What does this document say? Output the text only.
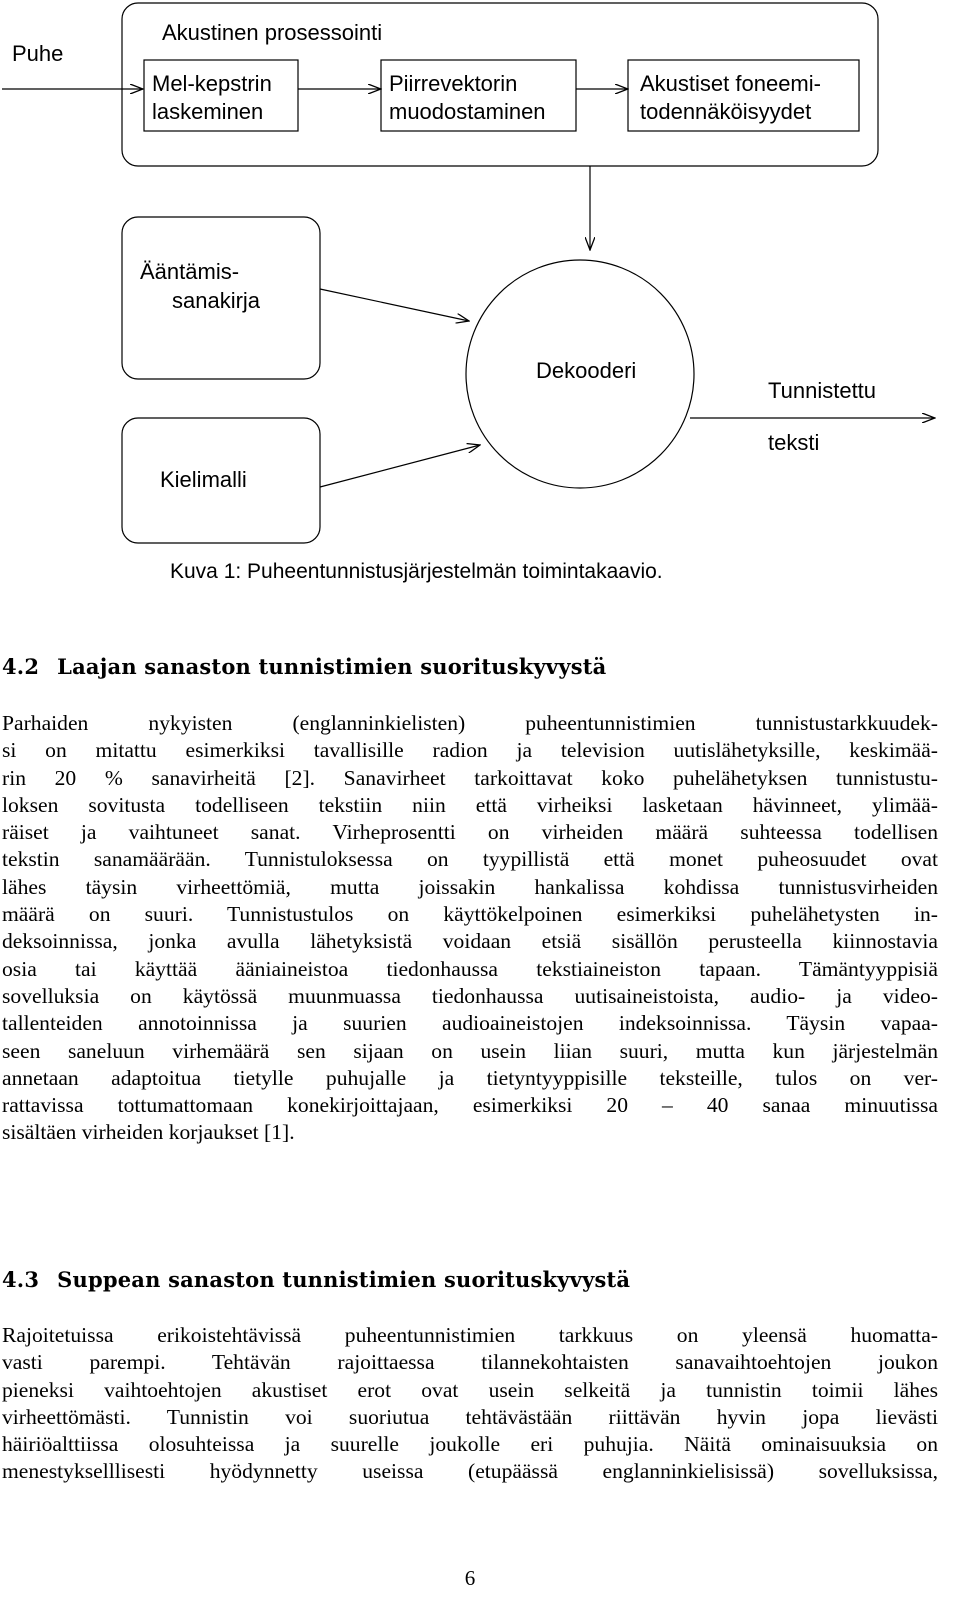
Puhe
Akustinen prosessointi
Mel-kepstrin
laskeminen
Piirrevektorin
muodostaminen
Akustiset foneemi-
todennäköisyydet
Ääntämis-
sanakirja
Kielimalli
Dekooderi
Tunnistettu
teksti
Kuva 1: Puheentunnistusjärjestelmän toimintakaavio.
4.2 Laajan sanaston tunnistimien suorituskyvystä
Parhaiden nykyisten (englanninkielisten) puheentunnistimien tunnistustarkkuudek-
si on mitattu esimerkiksi tavallisille radion ja television uutislähetyksille, keskimää-
rin 20 % sanavirheitä [2]. Sanavirheet tarkoittavat koko puhelähetyksen tunnistustu-
loksen sovitusta todelliseen tekstiin niin että virheiksi lasketaan hävinneet, ylimää-
räiset ja vaihtuneet sanat. Virheprosentti on virheiden määrä suhteessa todellisen
tekstin sanamäärään. Tunnistuloksessa on tyypillistä että monet puheosuudet ovat
lähes täysin virheettömiä, mutta joissakin hankalissa kohdissa tunnistusvirheiden
määrä on suuri. Tunnistustulos on käyttökelpoinen esimerkiksi puhelähetysten in-
deksoinnissa, jonka avulla lähetyksistä voidaan etsiä sisällön perusteella kiinnostavia
osia tai käyttää ääniaineistoa tiedonhaussa tekstiaineiston tapaan. Tämäntyyppisiä
sovelluksia on käytössä muunmuassa tiedonhaussa uutisaineistoista, audio- ja video-
tallenteiden annotoinnissa ja suurien audioaineistojen indeksoinnissa. Täysin vapaa-
seen saneluun virhemäärä sen sijaan on usein liian suuri, mutta kun järjestelmän
annetaan adaptoitua tietylle puhujalle ja tietyntyyppisille teksteille, tulos on ver-
rattavissa tottumattomaan konekirjoittajaan, esimerkiksi 20 – 40 sanaa minuutissa
sisältäen virheiden korjaukset [1].
4.3 Suppean sanaston tunnistimien suorituskyvystä
Rajoitetuissa erikoistehtävissä puheentunnistimien tarkkuus on yleensä huomatta-
vasti parempi. Tehtävän rajoittaessa tilannekohtaisten sanavaihtoehtojen joukon
pieneksi vaihtoehtojen akustiset erot ovat usein selkeitä ja tunnistin toimii lähes
virheettömästi. Tunnistin voi suoriutua tehtävästään riittävän hyvin jopa lievästi
häiriöalttiissa olosuhteissa ja suurelle joukolle eri puhujia. Näitä ominaisuuksia on
menestykselllisesti hyödynnetty useissa (etupäässä englanninkielisissä) sovelluksissa,
6
